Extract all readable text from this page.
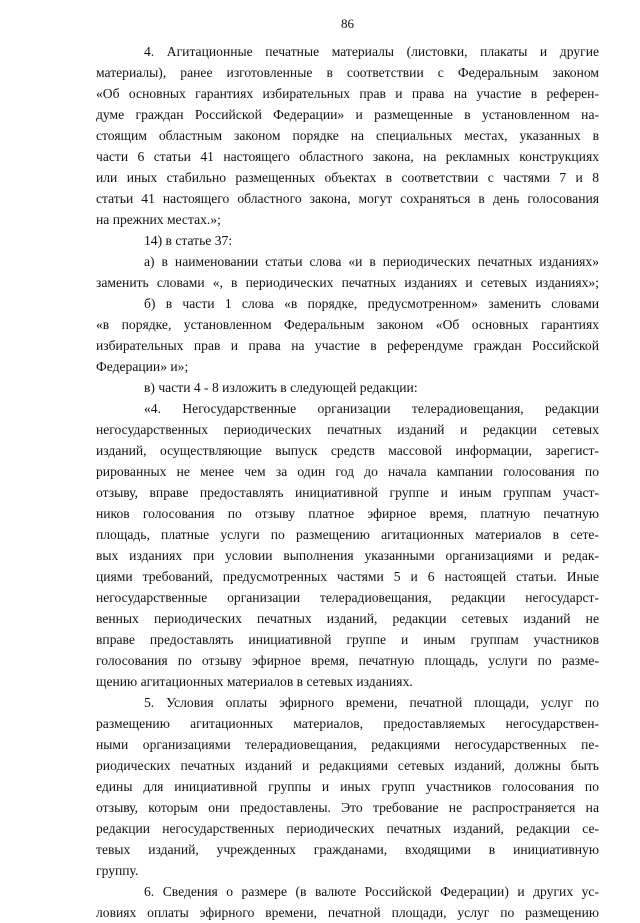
86
4. Агитационные печатные материалы (листовки, плакаты и другие
материалы), ранее изготовленные в соответствии с Федеральным законом
«Об основных гарантиях избирательных прав и права на участие в референ-
думе граждан Российской Федерации» и размещенные в установленном на-
стоящим областным законом порядке на специальных местах, указанных в
части 6 статьи 41 настоящего областного закона, на рекламных конструкциях
или иных стабильно размещенных объектах в соответствии с частями 7 и 8
статьи 41 настоящего областного закона, могут сохраняться в день голосования
на прежних местах.»;
14) в статье 37:
а) в наименовании статьи слова «и в периодических печатных изданиях»
заменить словами «, в периодических печатных изданиях и сетевых изданиях»;
б) в части 1 слова «в порядке, предусмотренном» заменить словами
«в порядке, установленном Федеральным законом «Об основных гарантиях
избирательных прав и права на участие в референдуме граждан Российской
Федерации» и»;
в) части 4 - 8 изложить в следующей редакции:
«4. Негосударственные организации телерадиовещания, редакции
негосударственных периодических печатных изданий и редакции сетевых
изданий, осуществляющие выпуск средств массовой информации, зарегист-
рированных не менее чем за один год до начала кампании голосования по
отзыву, вправе предоставлять инициативной группе и иным группам участ-
ников голосования по отзыву платное эфирное время, платную печатную
площадь, платные услуги по размещению агитационных материалов в сете-
вых изданиях при условии выполнения указанными организациями и редак-
циями требований, предусмотренных частями 5 и 6 настоящей статьи. Иные
негосударственные организации телерадиовещания, редакции негосударст-
венных периодических печатных изданий, редакции сетевых изданий не
вправе предоставлять инициативной группе и иным группам участников
голосования по отзыву эфирное время, печатную площадь, услуги по разме-
щению агитационных материалов в сетевых изданиях.
5. Условия оплаты эфирного времени, печатной площади, услуг по
размещению агитационных материалов, предоставляемых негосударствен-
ными организациями телерадиовещания, редакциями негосударственных пе-
риодических печатных изданий и редакциями сетевых изданий, должны быть
едины для инициативной группы и иных групп участников голосования по
отзыву, которым они предоставлены. Это требование не распространяется на
редакции негосударственных периодических печатных изданий, редакции се-
тевых изданий, учрежденных гражданами, входящими в инициативную
группу.
6. Сведения о размере (в валюте Российской Федерации) и других ус-
ловиях оплаты эфирного времени, печатной площади, услуг по размещению
